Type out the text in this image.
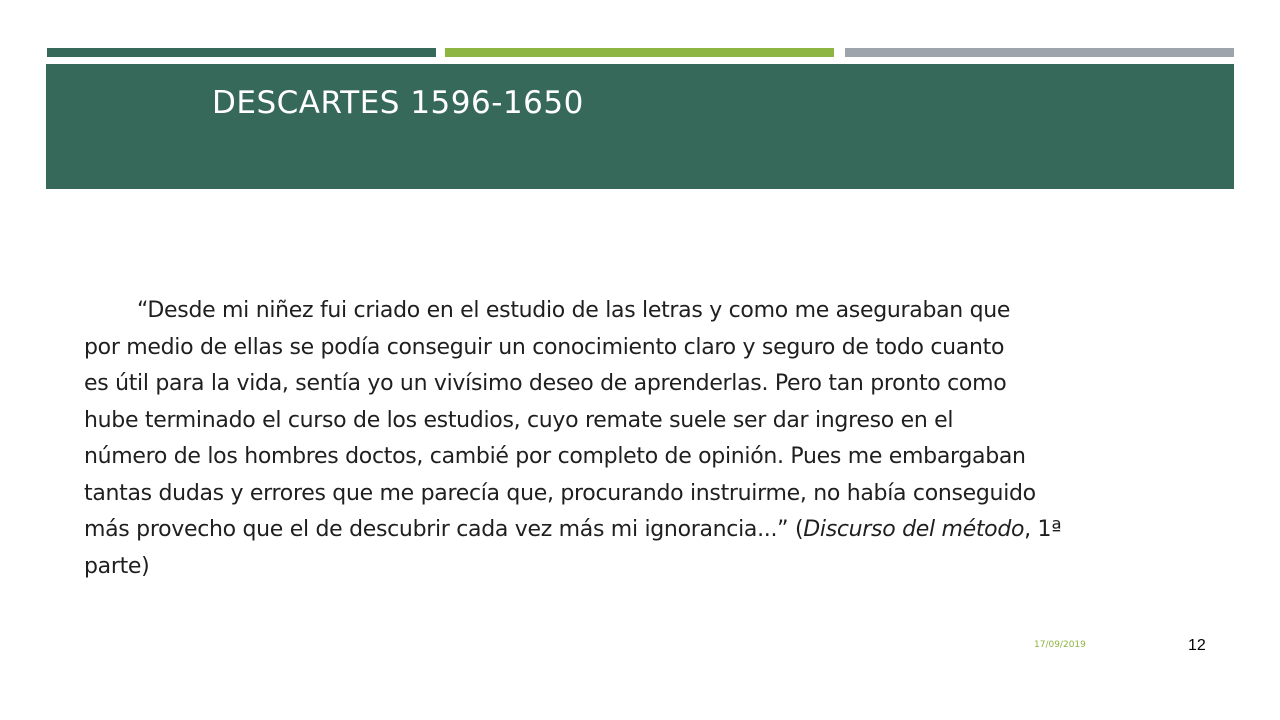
DESCARTES 1596-1650

“Desde mi niñez fui criado en el estudio de las letras y como me aseguraban que
por medio de ellas se podía conseguir un conocimiento claro y seguro de todo cuanto
es útil para la vida, sentía yo un vivísimo deseo de aprenderlas. Pero tan pronto como
hube terminado el curso de los estudios, cuyo remate suele ser dar ingreso en el
número de los hombres doctos, cambié por completo de opinión. Pues me embargaban
tantas dudas y errores que me parecía que, procurando instruirme, no había conseguido
más provecho que el de descubrir cada vez más mi ignorancia...” (Discurso del método, 1ª
parte)

17/09/2019	12
